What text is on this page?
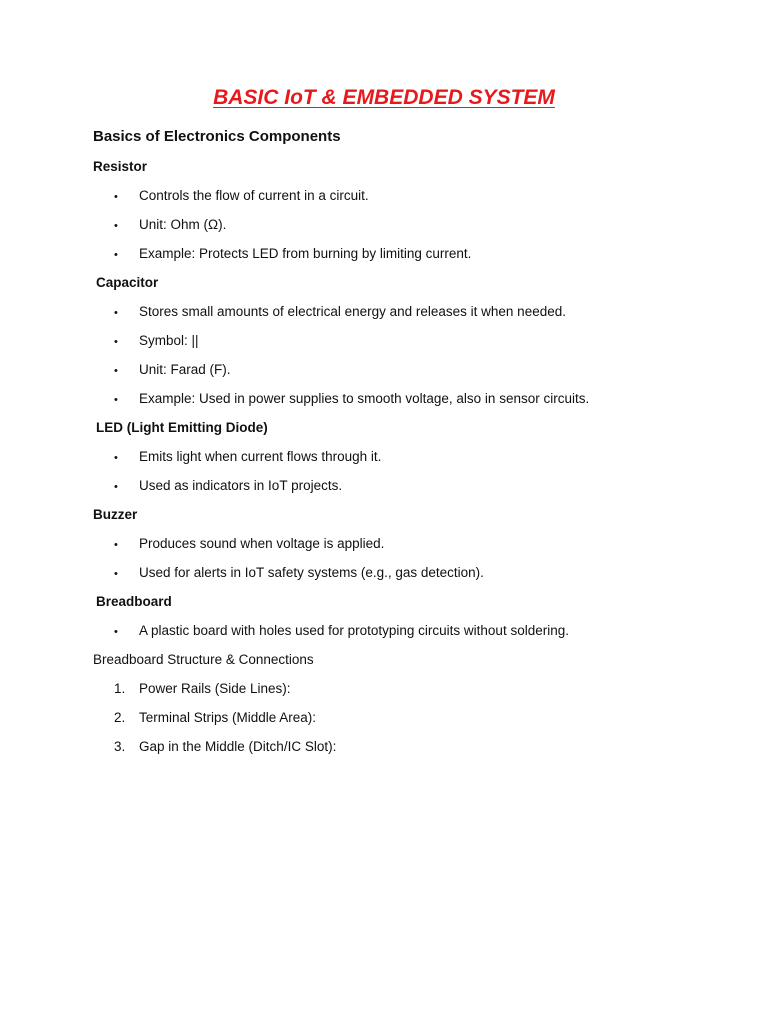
BASIC IoT & EMBEDDED SYSTEM
Basics of Electronics Components
Resistor
•	Controls the flow of current in a circuit.
•	Unit: Ohm (Ω).
•	Example: Protects LED from burning by limiting current.
Capacitor
•	Stores small amounts of electrical energy and releases it when needed.
•	Symbol: ||
•	Unit: Farad (F).
•	Example: Used in power supplies to smooth voltage, also in sensor circuits.
LED (Light Emitting Diode)
•	Emits light when current flows through it.
•	Used as indicators in IoT projects.
Buzzer
•	Produces sound when voltage is applied.
•	Used for alerts in IoT safety systems (e.g., gas detection).
Breadboard
•	A plastic board with holes used for prototyping circuits without soldering.
Breadboard Structure & Connections
1.	Power Rails (Side Lines):
2.	Terminal Strips (Middle Area):
3.	Gap in the Middle (Ditch/IC Slot):
